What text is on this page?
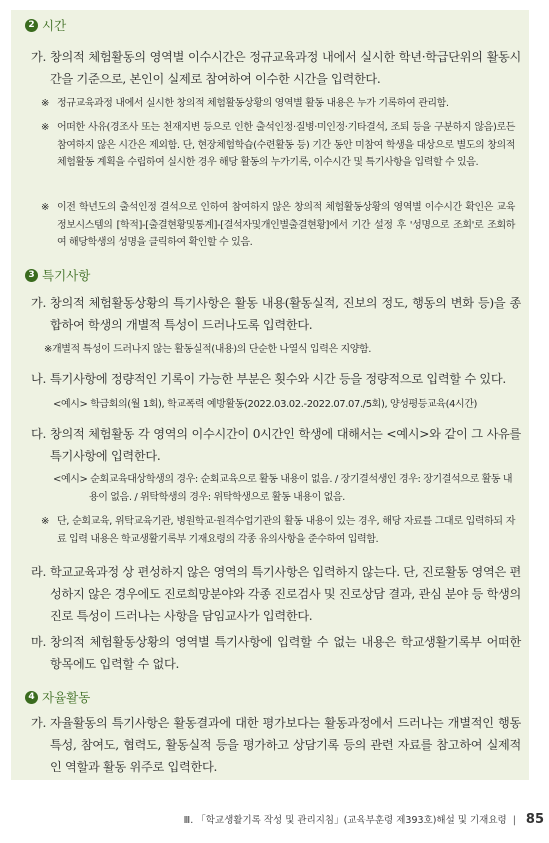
2 시간
가. 창의적 체험활동의 영역별 이수시간은 정규교육과정 내에서 실시한 학년·학급단위의 활동시간을 기준으로, 본인이 실제로 참여하여 이수한 시간을 입력한다.
※ 정규교육과정 내에서 실시한 창의적 체험활동상황의 영역별 활동 내용은 누가 기록하여 관리함.
※ 어떠한 사유(경조사 또는 천재지변 등으로 인한 출석인정·질병·미인정·기타결석, 조퇴 등을 구분하지 않음)로든 참여하지 않은 시간은 제외함. 단, 현장체험학습(수련활동 등) 기간 동안 미참여 학생을 대상으로 별도의 창의적 체험활동 계획을 수립하여 실시한 경우 해당 활동의 누가기록, 이수시간 및 특기사항을 입력할 수 있음.
※ 이전 학년도의 출석인정 결석으로 인하여 참여하지 않은 창의적 체험활동상황의 영역별 이수시간 확인은 교육정보시스템의 [학적]-[출결현황및통계]-[결석자및개인별출결현황]에서 기간 설정 후 '성명으로 조회'로 조회하여 해당학생의 성명을 클릭하여 확인할 수 있음.
3 특기사항
가. 창의적 체험활동상황의 특기사항은 활동 내용(활동실적, 진보의 정도, 행동의 변화 등)을 종합하여 학생의 개별적 특성이 드러나도록 입력한다.
※개별적 특성이 드러나지 않는 활동실적(내용)의 단순한 나열식 입력은 지양함.
나. 특기사항에 정량적인 기록이 가능한 부분은 횟수와 시간 등을 정량적으로 입력할 수 있다.
<예시> 학급회의(월 1회), 학교폭력 예방활동(2022.03.02.-2022.07.07./5회), 양성평등교육(4시간)
다. 창의적 체험활동 각 영역의 이수시간이 0시간인 학생에 대해서는 <예시>와 같이 그 사유를 특기사항에 입력한다.
<예시> 순회교육대상학생의 경우: 순회교육으로 활동 내용이 없음. / 장기결석생인 경우: 장기결석으로 활동 내용이 없음. / 위탁학생의 경우: 위탁학생으로 활동 내용이 없음.
※ 단, 순회교육, 위탁교육기관, 병원학교·원격수업기관의 활동 내용이 있는 경우, 해당 자료를 그대로 입력하되 자료 입력 내용은 학교생활기록부 기재요령의 각종 유의사항을 준수하여 입력함.
라. 학교교육과정 상 편성하지 않은 영역의 특기사항은 입력하지 않는다. 단, 진로활동 영역은 편성하지 않은 경우에도 진로희망분야와 각종 진로검사 및 진로상담 결과, 관심 분야 등 학생의 진로 특성이 드러나는 사항을 담임교사가 입력한다.
마. 창의적 체험활동상황의 영역별 특기사항에 입력할 수 없는 내용은 학교생활기록부 어떠한 항목에도 입력할 수 없다.
4 자율활동
가. 자율활동의 특기사항은 활동결과에 대한 평가보다는 활동과정에서 드러나는 개별적인 행동 특성, 참여도, 협력도, 활동실적 등을 평가하고 상담기록 등의 관련 자료를 참고하여 실제적인 역할과 활동 위주로 입력한다.
Ⅲ. 「학교생활기록 작성 및 관리지침」(교육부훈령 제393호)해설 및 기재요령 | 85
